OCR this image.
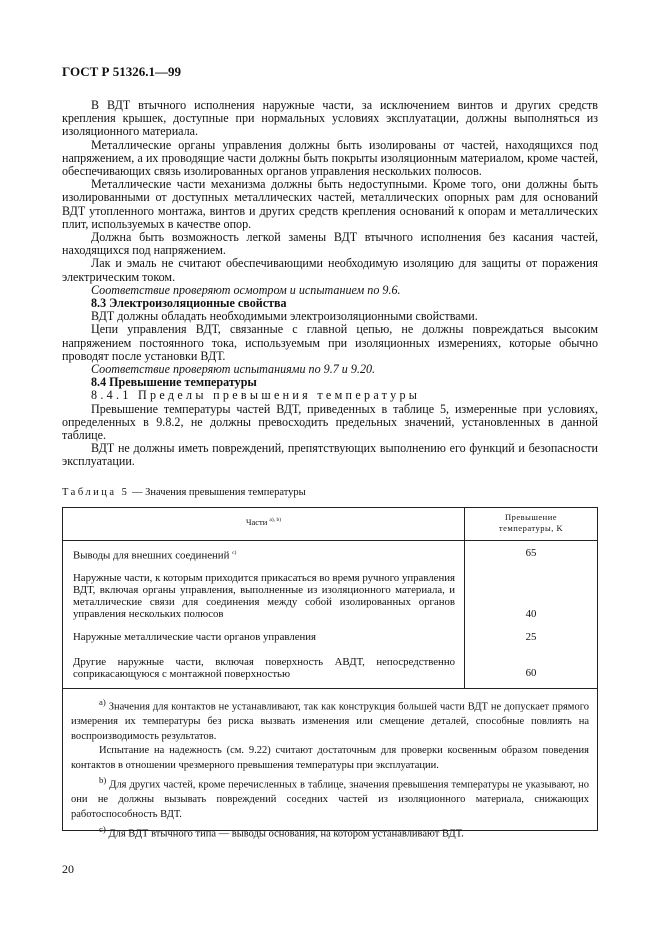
ГОСТ Р 51326.1—99

В ВДТ втычного исполнения наружные части, за исключением винтов и других средств крепления крышек, доступные при нормальных условиях эксплуатации, должны выполняться из изоляционного материала.

Металлические органы управления должны быть изолированы от частей, находящихся под напряжением, а их проводящие части должны быть покрыты изоляционным материалом, кроме частей, обеспечивающих связь изолированных органов управления нескольких полюсов.

Металлические части механизма должны быть недоступными. Кроме того, они должны быть изолированными от доступных металлических частей, металлических опорных рам для оснований ВДТ утопленного монтажа, винтов и других средств крепления оснований к опорам и металлических плит, используемых в качестве опор.

Должна быть возможность легкой замены ВДТ втычного исполнения без касания частей, находящихся под напряжением.

Лак и эмаль не считают обеспечивающими необходимую изоляцию для защиты от поражения электрическим током.

Соответствие проверяют осмотром и испытанием по 9.6.

8.3 Электроизоляционные свойства

ВДТ должны обладать необходимыми электроизоляционными свойствами.

Цепи управления ВДТ, связанные с главной цепью, не должны повреждаться высоким напряжением постоянного тока, используемым при изоляционных измерениях, которые обычно проводят после установки ВДТ.

Соответствие проверяют испытаниями по 9.7 и 9.20.

8.4 Превышение температуры

8.4.1 Пределы превышения температуры

Превышение температуры частей ВДТ, приведенных в таблице 5, измеренные при условиях, определенных в 9.8.2, не должны превосходить предельных значений, установленных в данной таблице.

ВДТ не должны иметь повреждений, препятствующих выполнению его функций и безопасности эксплуатации.

Таблица 5 — Значения превышения температуры
Части $^{a), b)}$	Превышение
температуры, K
Выводы для внешних соединений $^{c)}$	65
Наружные части, к которым приходится прикасаться во время ручного управления ВДТ, включая органы управления, выполненные из изоляционного материала, и металлические связи для соединения между собой изолированных органов управления нескольких полюсов	40
Наружные металлические части органов управления	25
Другие наружные части, включая поверхность АВДТ, непосредственно соприкасающуюся с монтажной поверхностью	60

$^{a)}$ Значения для контактов не устанавливают, так как конструкция большей части ВДТ не допускает прямого измерения их температуры без риска вызвать изменения или смещение деталей, способные повлиять на воспроизводимость результатов.

Испытание на надежность (см. 9.22) считают достаточным для проверки косвенным образом поведения контактов в отношении чрезмерного превышения температуры при эксплуатации.

$^{b)}$ Для других частей, кроме перечисленных в таблице, значения превышения температуры не указывают, но они не должны вызывать повреждений соседних частей из изоляционного материала, снижающих работоспособность ВДТ.

$^{c)}$ Для ВДТ втычного типа — выводы основания, на котором устанавливают ВДТ.

20
